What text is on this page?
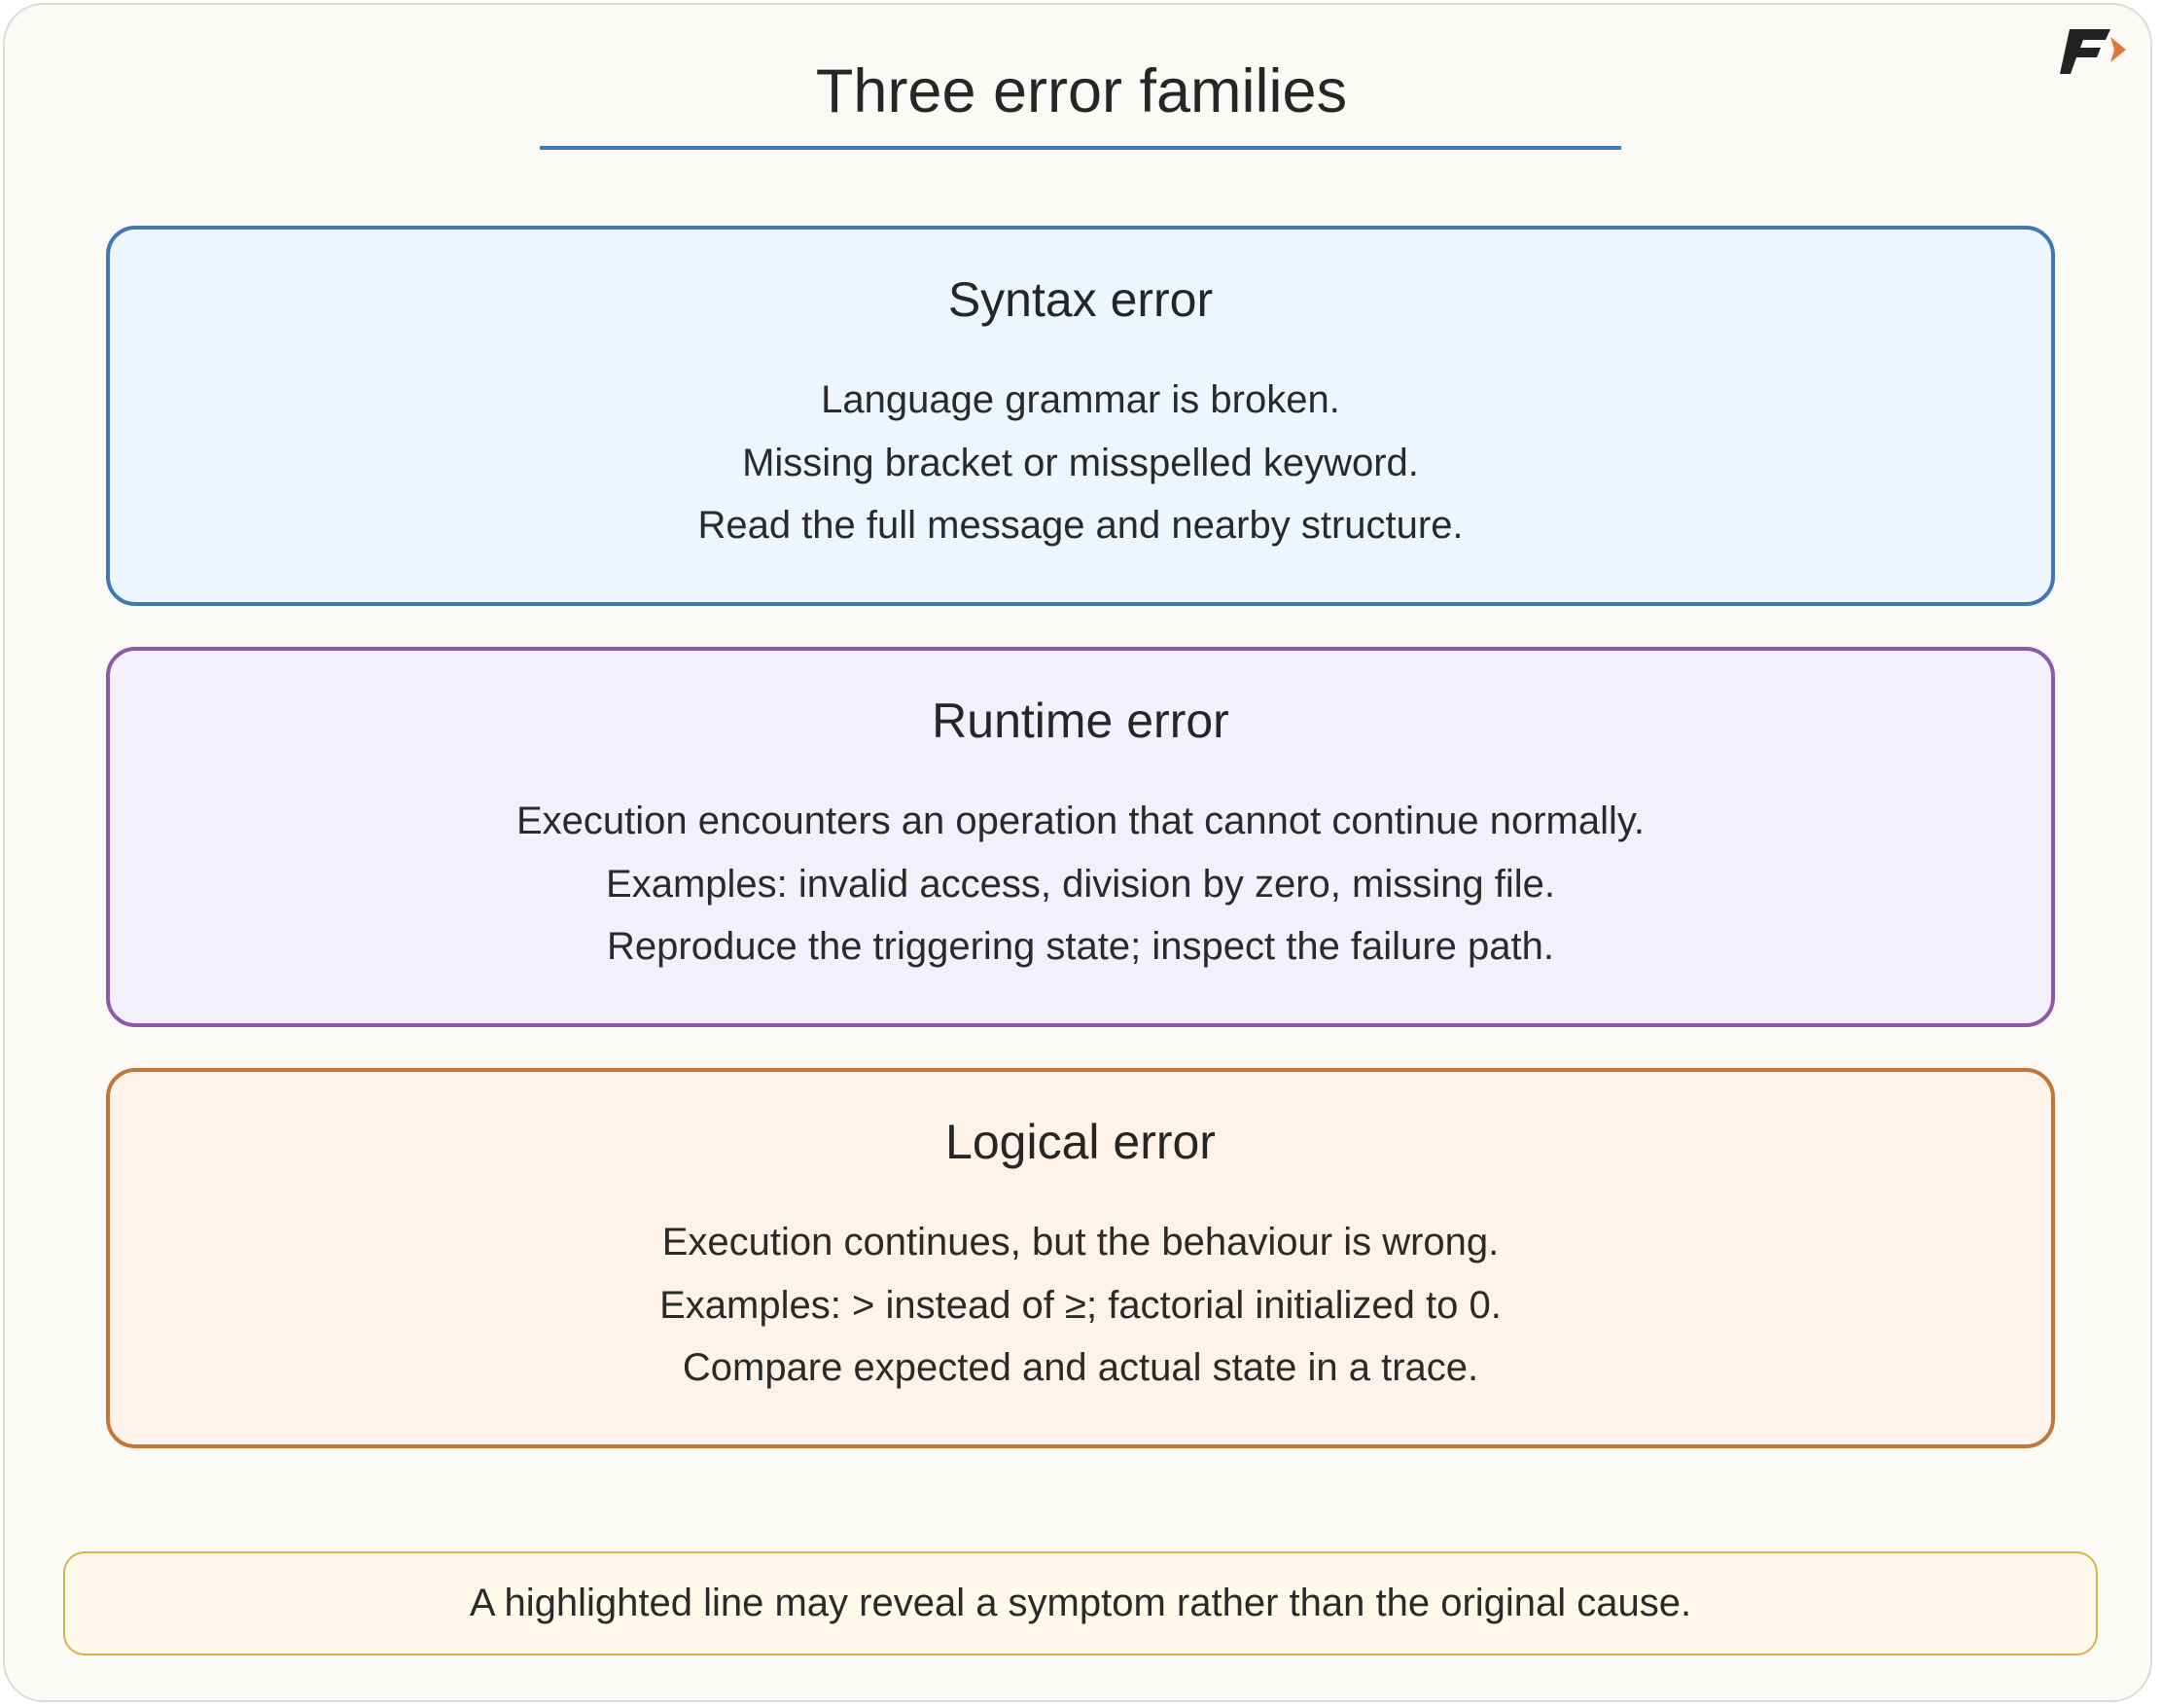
Three error families
Syntax error
Language grammar is broken.
Missing bracket or misspelled keyword.
Read the full message and nearby structure.
Runtime error
Execution encounters an operation that cannot continue normally.
Examples: invalid access, division by zero, missing file.
Reproduce the triggering state; inspect the failure path.
Logical error
Execution continues, but the behaviour is wrong.
Examples: > instead of ≥; factorial initialized to 0.
Compare expected and actual state in a trace.
A highlighted line may reveal a symptom rather than the original cause.
